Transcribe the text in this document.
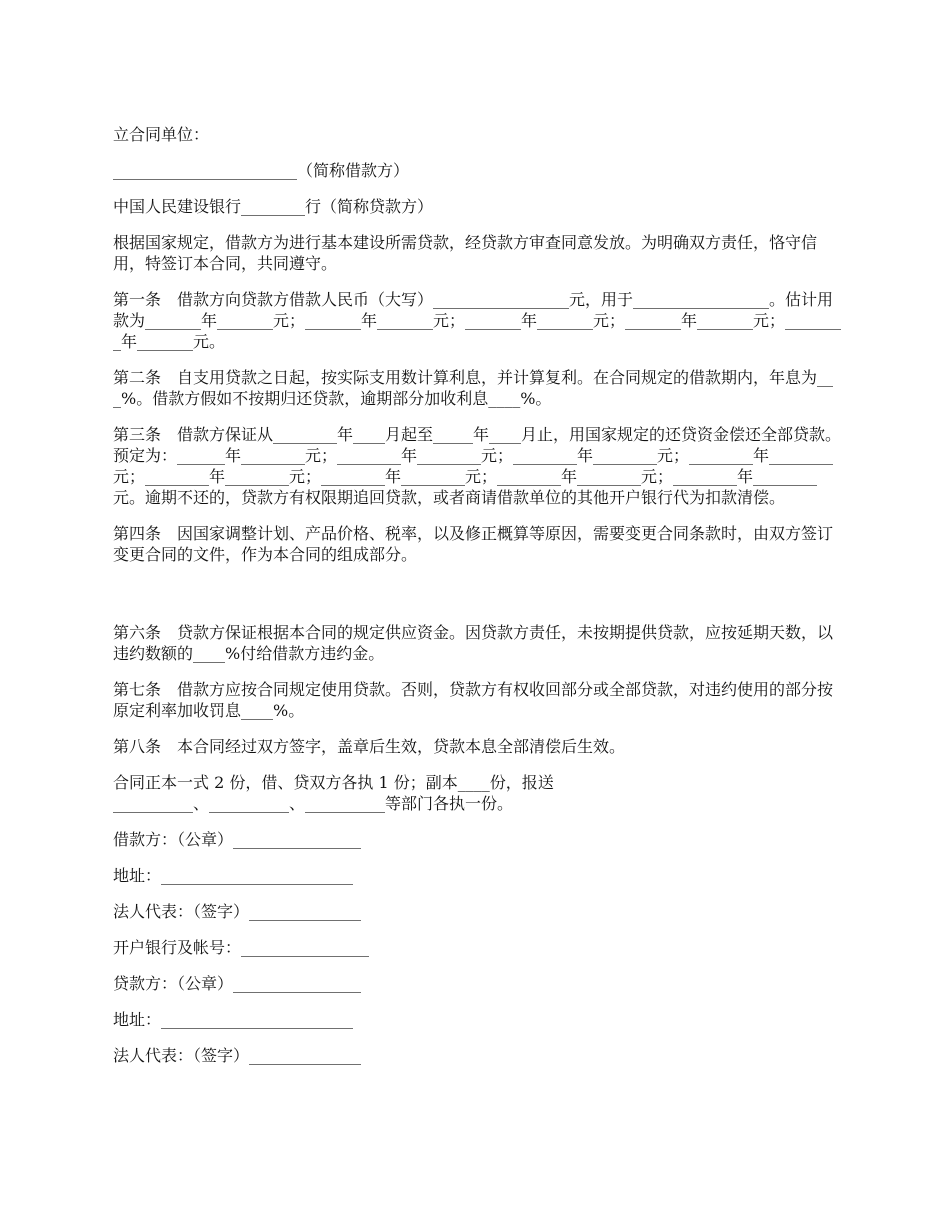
立合同单位：

_______________________（简称借款方）

中国人民建设银行________行（简称贷款方）

根据国家规定，借款方为进行基本建设所需贷款，经贷款方审查同意发放。为明确双方责任，恪守信用，特签订本合同，共同遵守。

第一条　借款方向贷款方借款人民币（大写）_________________元，用于_________________。估计用款为_______年_______元；_______年_______元；_______年_______元；_______年_______元；________年_______元。

第二条　自支用贷款之日起，按实际支用数计算利息，并计算复利。在合同规定的借款期内，年息为___%。借款方假如不按期归还贷款，逾期部分加收利息____%。

第三条　借款方保证从________年____月起至_____年____月止，用国家规定的还贷资金偿还全部贷款。预定为：______年________元；________年________元；________年________元；________年________元；________年________元；________年________元；________年________元；________年________元。逾期不还的，贷款方有权限期追回贷款，或者商请借款单位的其他开户银行代为扣款清偿。

第四条　因国家调整计划、产品价格、税率，以及修正概算等原因，需要变更合同条款时，由双方签订变更合同的文件，作为本合同的组成部分。

第六条　贷款方保证根据本合同的规定供应资金。因贷款方责任，未按期提供贷款，应按延期天数，以违约数额的____%付给借款方违约金。

第七条　借款方应按合同规定使用贷款。否则，贷款方有权收回部分或全部贷款，对违约使用的部分按原定利率加收罚息____%。

第八条　本合同经过双方签字，盖章后生效，贷款本息全部清偿后生效。

合同正本一式 2 份，借、贷双方各执 1 份；副本____份，报送
__________、__________、__________等部门各执一份。

借款方：（公章）________________

地址：________________________

法人代表：（签字）______________

开户银行及帐号：________________

贷款方：（公章）________________

地址：________________________

法人代表：（签字）______________
